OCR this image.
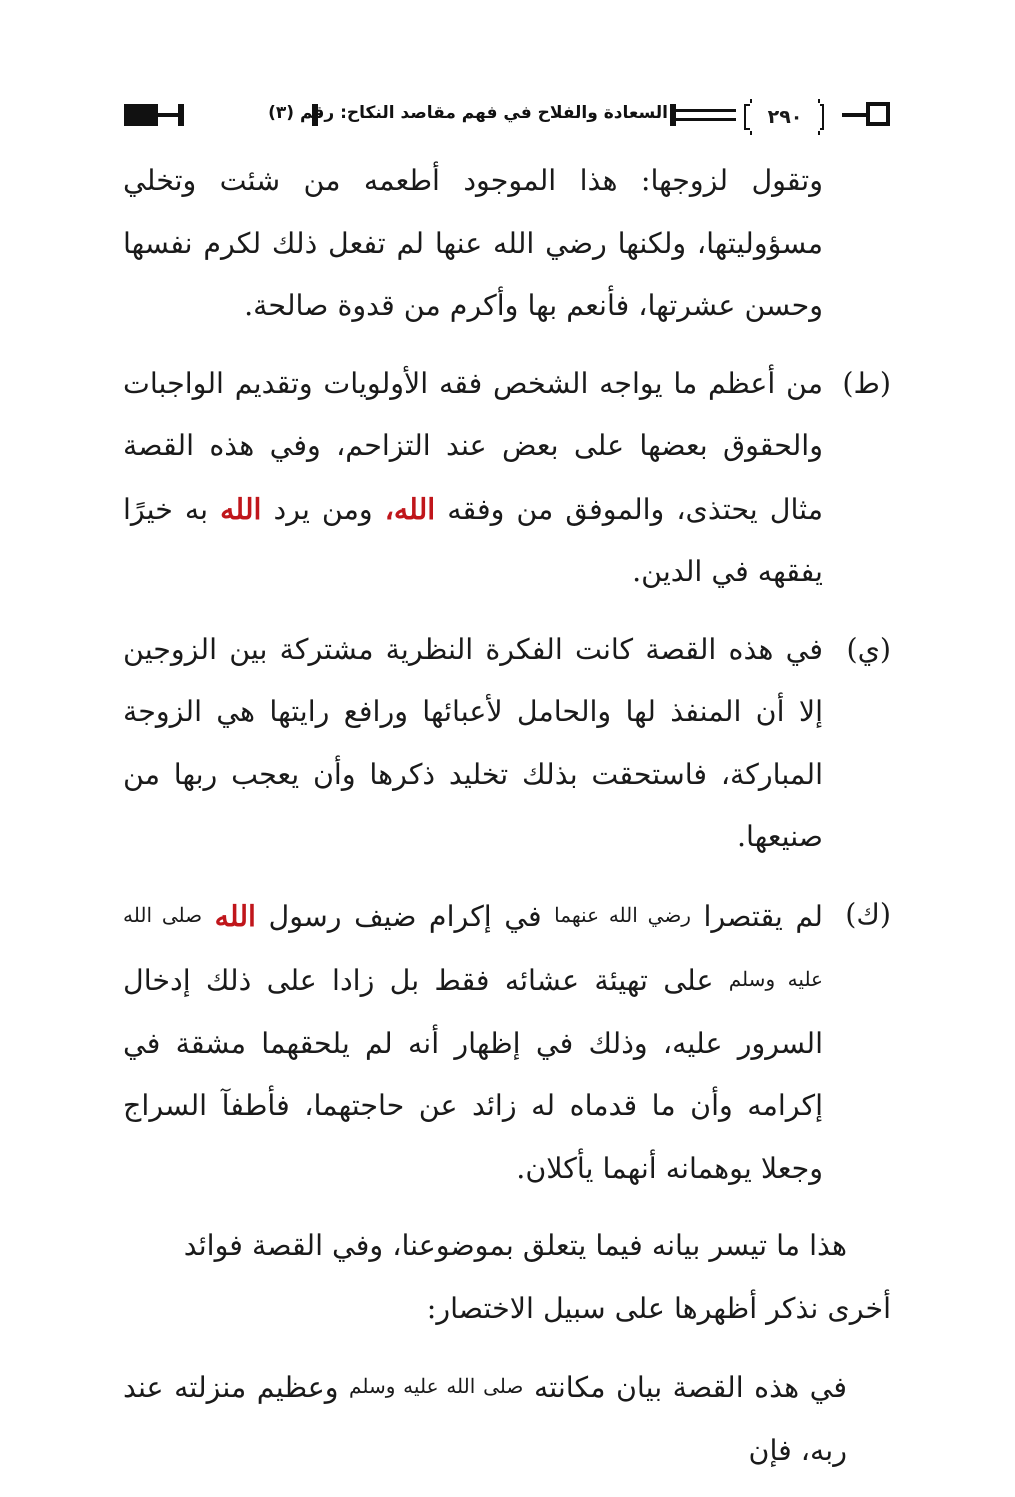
السعادة والفلاح في فهم مقاصد النكاح: رقم (٣)	٢٩٠

وتقول لزوجها: هذا الموجود أطعمه من شئت وتخلي مسؤوليتها، ولكنها رضي الله عنها لم تفعل ذلك لكرم نفسها وحسن عشرتها، فأنعم بها وأكرم من قدوة صالحة.

(ط)

من أعظم ما يواجه الشخص فقه الأولويات وتقديم الواجبات والحقوق بعضها على بعض عند التزاحم، وفي هذه القصة مثال يحتذى، والموفق من وفقه الله، ومن يرد الله به خيرًا يفقهه في الدين.

(ي)

في هذه القصة كانت الفكرة النظرية مشتركة بين الزوجين إلا أن المنفذ لها والحامل لأعبائها ورافع رايتها هي الزوجة المباركة، فاستحقت بذلك تخليد ذكرها وأن يعجب ربها من صنيعها.

(ك)

لم يقتصرا رضي الله عنهما في إكرام ضيف رسول الله صلى الله عليه وسلم على تهيئة عشائه فقط بل زادا على ذلك إدخال السرور عليه، وذلك في إظهار أنه لم يلحقهما مشقة في إكرامه وأن ما قدماه له زائد عن حاجتهما، فأطفآ السراج وجعلا يوهمانه أنهما يأكلان.

هذا ما تيسر بيانه فيما يتعلق بموضوعنا، وفي القصة فوائد
أخرى نذكر أظهرها على سبيل الاختصار:

في هذه القصة بيان مكانته صلى الله عليه وسلم وعظيم منزلته عند ربه، فإن
